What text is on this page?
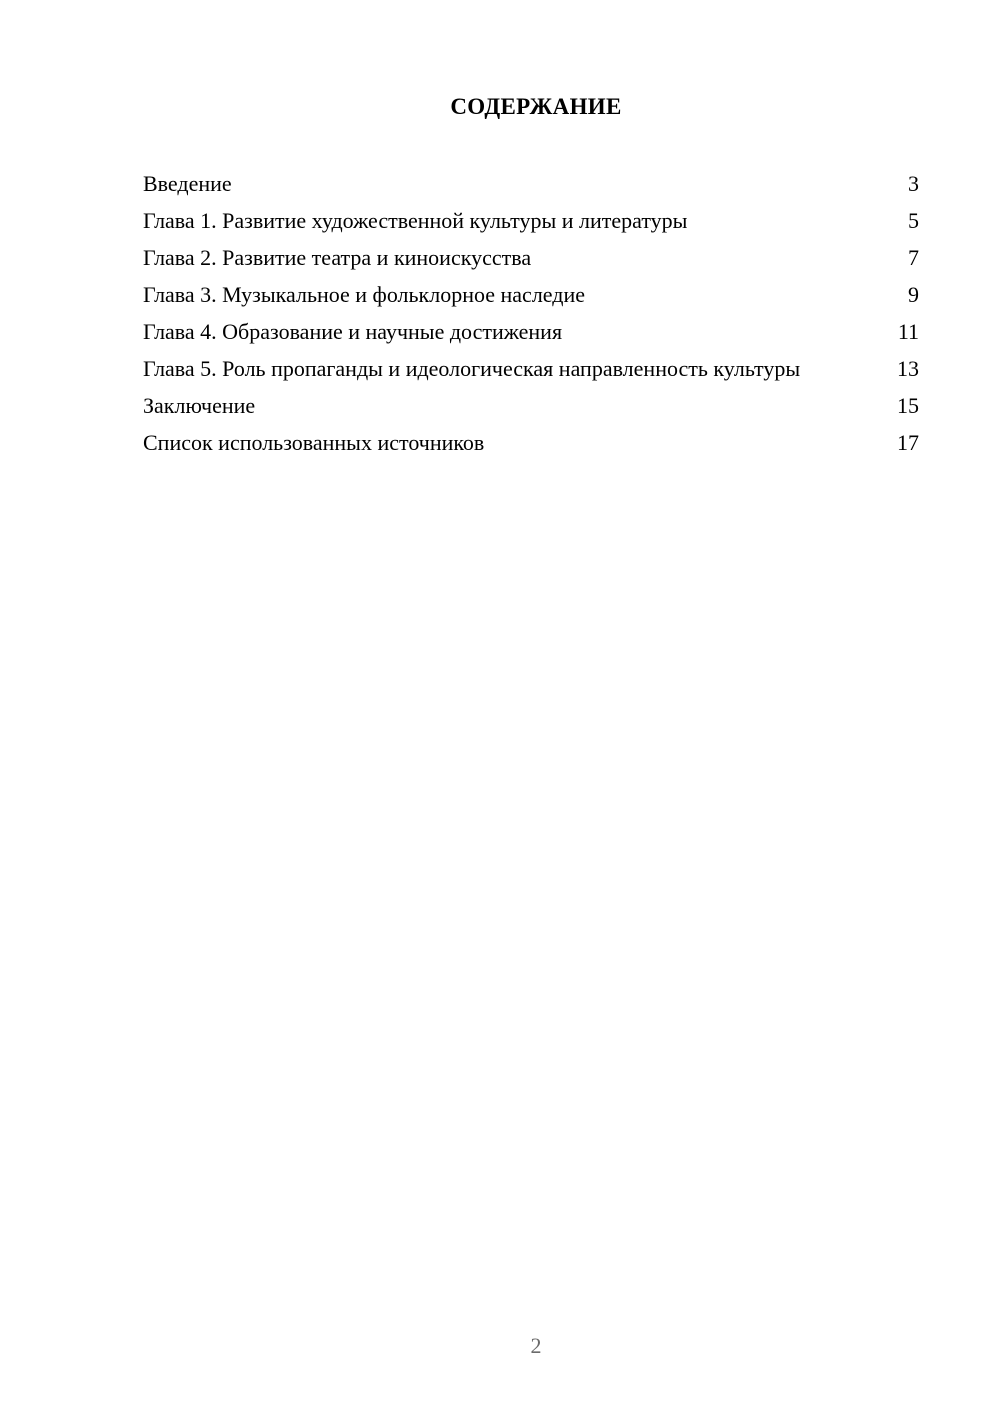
СОДЕРЖАНИЕ
Введение	3
Глава 1. Развитие художественной культуры и литературы	5
Глава 2. Развитие театра и киноискусства	7
Глава 3. Музыкальное и фольклорное наследие	9
Глава 4. Образование и научные достижения	11
Глава 5. Роль пропаганды и идеологическая направленность культуры	13
Заключение	15
Список использованных источников	17
2
